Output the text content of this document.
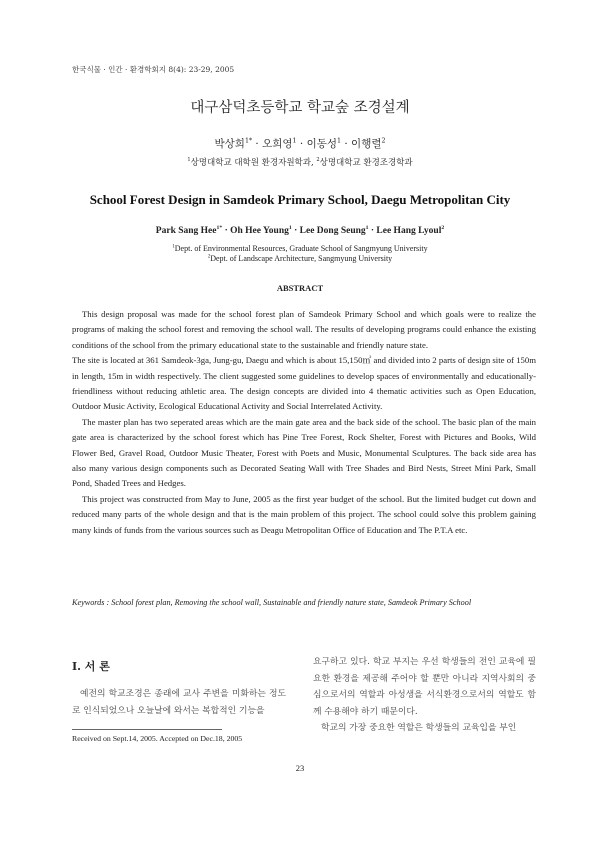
한국식물 · 인간 · 환경학회지 8(4): 23-29, 2005
대구삼덕초등학교 학교숲 조경설계
박상희$^{1*}$ · 오희영$^1$ · 이동성$^1$ · 이행렬$^2$
$^1$상명대학교 대학원 환경자원학과, $^2$상명대학교 환경조경학과
School Forest Design in Samdeok Primary School, Daegu Metropolitan City
Park Sang Hee$^{1*}$ · Oh Hee Young$^1$ · Lee Dong Seung$^1$ · Lee Hang Lyoul$^2$
$^1$Dept. of Environmental Resources, Graduate School of Sangmyung University
$^2$Dept. of Landscape Architecture, Sangmyung University
ABSTRACT

This design proposal was made for the school forest plan of Samdeok Primary School and which goals were to realize the programs of making the school forest and removing the school wall. The results of developing programs could enhance the existing conditions of the school from the primary educational state to the sustainable and friendly nature state.

The site is located at 361 Samdeok-3ga, Jung-gu, Daegu and which is about 15,150㎡ and divided into 2 parts of design site of 150m in length, 15m in width respectively. The client suggested some guidelines to develop spaces of environmentally and educationally-friendliness without reducing athletic area. The design concepts are divided into 4 thematic activities such as Open Education, Outdoor Music Activity, Ecological Educational Activity and Social Interrelated Activity.

The master plan has two seperated areas which are the main gate area and the back side of the school. The basic plan of the main gate area is characterized by the school forest which has Pine Tree Forest, Rock Shelter, Forest with Pictures and Books, Wild Flower Bed, Gravel Road, Outdoor Music Theater, Forest with Poets and Music, Monumental Sculptures. The back side area has also many various design components such as Decorated Seating Wall with Tree Shades and Bird Nests, Street Mini Park, Small Pond, Shaded Trees and Hedges.

This project was constructed from May to June, 2005 as the first year budget of the school. But the limited budget cut down and reduced many parts of the whole design and that is the main problem of this project. The school could solve this problem gaining many kinds of funds from the various sources such as Deagu Metropolitan Office of Education and The P.T.A etc.

Keywords : School forest plan, Removing the school wall, Sustainable and friendly nature state, Samdeok Primary School
Ⅰ. 서 론

예전의 학교조경은 종래에 교사 주변을 미화하는 정도로 인식되었으나 오늘날에 와서는 복합적인 기능을

요구하고 있다. 학교 부지는 우선 학생들의 전인 교육에 필요한 환경을 제공해 주어야 할 뿐만 아니라 지역사회의 중심으로서의 역할과 아성생을 서식환경으로서의 역할도 함께 수용해야 하기 때문이다.

학교의 가장 중요한 역할은 학생들의 교육입을 부인

Received on Sept.14, 2005. Accepted on Dec.18, 2005
23
